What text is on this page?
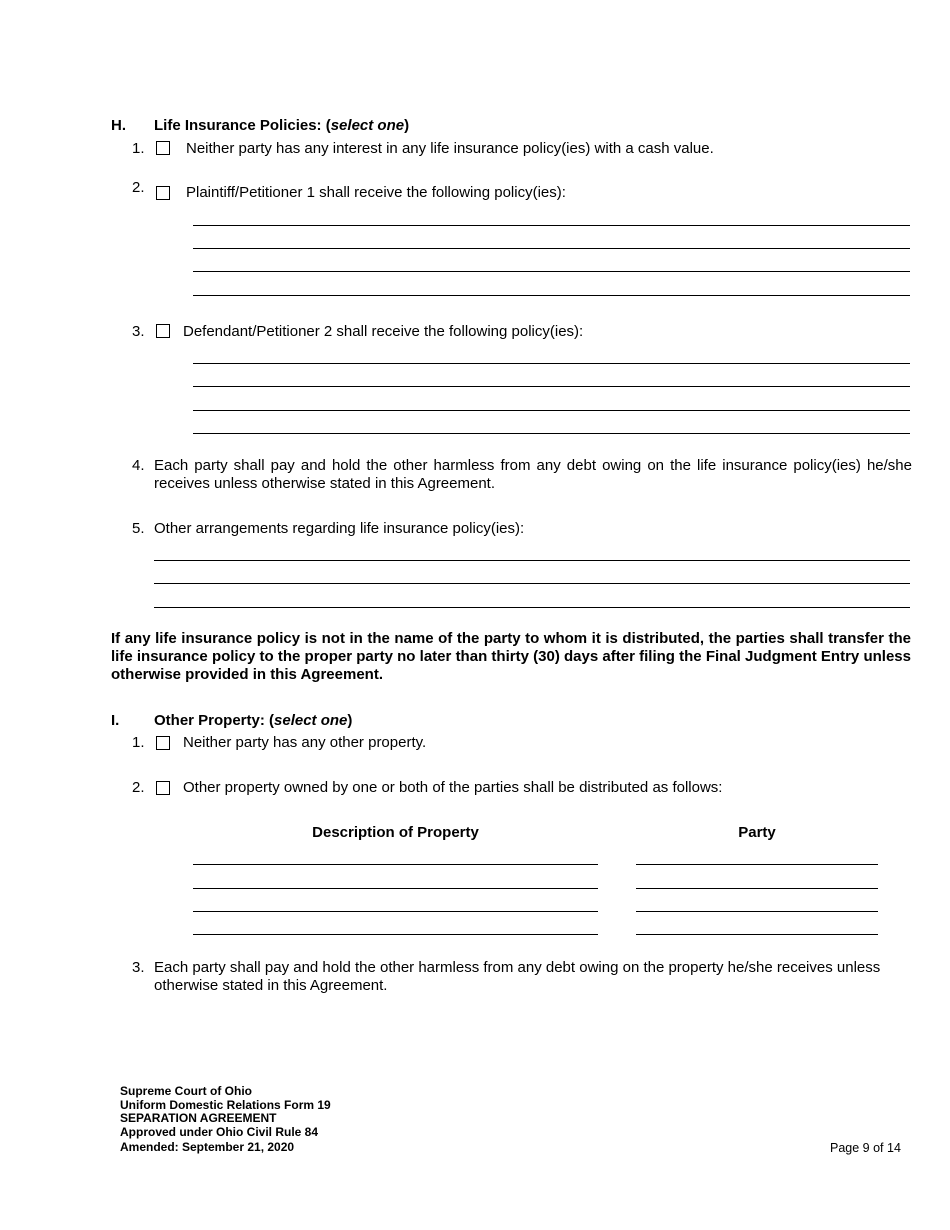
H. Life Insurance Policies: (select one)
1.	Neither party has any interest in any life insurance policy(ies) with a cash value.
2.	Plaintiff/Petitioner 1 shall receive the following policy(ies):
3.	Defendant/Petitioner 2 shall receive the following policy(ies):
4. Each party shall pay and hold the other harmless from any debt owing on the life insurance policy(ies) he/she receives unless otherwise stated in this Agreement.
5. Other arrangements regarding life insurance policy(ies):
If any life insurance policy is not in the name of the party to whom it is distributed, the parties shall transfer the life insurance policy to the proper party no later than thirty (30) days after filing the Final Judgment Entry unless otherwise provided in this Agreement.
I. Other Property: (select one)
1.	Neither party has any other property.
2.	Other property owned by one or both of the parties shall be distributed as follows:
Description of Property	Party
3. Each party shall pay and hold the other harmless from any debt owing on the property he/she receives unless otherwise stated in this Agreement.
Supreme Court of Ohio
Uniform Domestic Relations Form 19
SEPARATION AGREEMENT
Approved under Ohio Civil Rule 84
Amended: September 21, 2020	Page 9 of 14
